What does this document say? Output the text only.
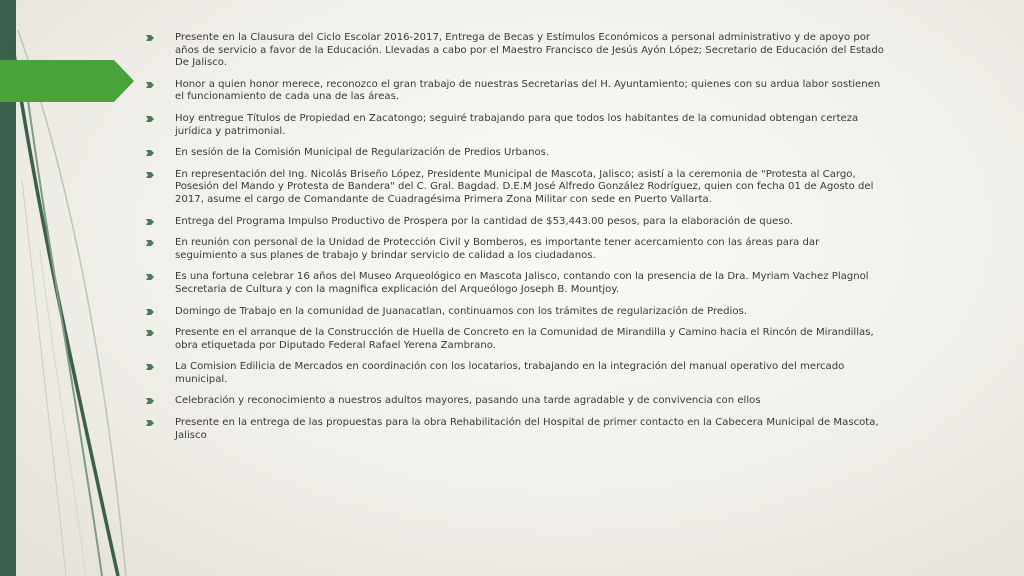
Presente en la Clausura del Ciclo Escolar 2016-2017, Entrega de Becas y Estímulos Económicos a personal administrativo y de apoyo por años de servicio a favor de la Educación. Llevadas a cabo por el Maestro Francisco de Jesús Ayón López; Secretario de Educación del Estado De Jalisco.
Honor a quien honor merece, reconozco el gran trabajo de nuestras Secretarias del H. Ayuntamiento; quienes con su ardua labor sostienen el funcionamiento de cada una de las áreas.
Hoy entregue Títulos de Propiedad en Zacatongo; seguiré trabajando para que todos los habitantes de la comunidad obtengan certeza jurídica y patrimonial.
En sesión de la Comisión Municipal de Regularización de Predios Urbanos.
En representación del Ing. Nicolás Briseño López, Presidente Municipal de Mascota, Jalisco; asistí a la ceremonia de "Protesta al Cargo, Posesión del Mando y Protesta de Bandera" del C. Gral. Bagdad. D.E.M José Alfredo González Rodríguez, quien con fecha 01 de Agosto del 2017, asume el cargo de Comandante de Cuadragésima Primera Zona Militar con sede en Puerto Vallarta.
Entrega del Programa Impulso Productivo de Prospera por la cantidad de $53,443.00 pesos, para la elaboración de queso.
En reunión con personal de la Unidad de Protección Civil y Bomberos, es importante tener acercamiento con las áreas para dar seguimiento a sus planes de trabajo y brindar servicio de calidad a los ciudadanos.
Es una fortuna celebrar 16 años del Museo Arqueológico en Mascota Jalisco, contando con la presencia de la Dra. Myriam Vachez Plagnol Secretaria de Cultura y con la magnifica explicación del Arqueólogo Joseph B. Mountjoy.
Domingo de Trabajo en la comunidad de Juanacatlan, continuamos con los trámites de regularización de Predios.
Presente en el arranque de la Construcción de Huella de Concreto en la Comunidad de Mirandilla y Camino hacia el Rincón de Mirandillas, obra etiquetada por Diputado Federal Rafael Yerena Zambrano.
La Comision Edilicia de Mercados en coordinación con los locatarios, trabajando en la integración del manual operativo del mercado municipal.
Celebración y reconocimiento a nuestros adultos mayores, pasando una tarde agradable y de convivencia con ellos
Presente en la entrega de las propuestas para la obra Rehabilitación del Hospital de primer contacto en la Cabecera Municipal de Mascota, Jalisco
